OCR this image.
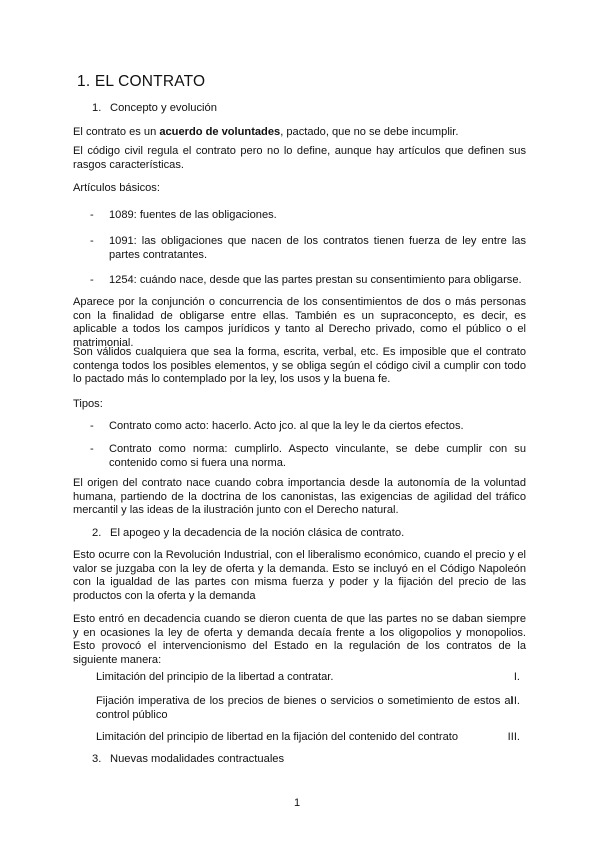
1. EL CONTRATO
1. Concepto y evolución
El contrato es un acuerdo de voluntades, pactado, que no se debe incumplir.
El código civil regula el contrato pero no lo define, aunque hay artículos que definen sus rasgos características.
Artículos básicos:
- 1089: fuentes de las obligaciones.
- 1091: las obligaciones que nacen de los contratos tienen fuerza de ley entre las partes contratantes.
- 1254: cuándo nace, desde que las partes prestan su consentimiento para obligarse.
Aparece por la conjunción o concurrencia de los consentimientos de dos o más personas con la finalidad de obligarse entre ellas. También es un supraconcepto, es decir, es aplicable a todos los campos jurídicos y tanto al Derecho privado, como el público o el matrimonial.
Son válidos cualquiera que sea la forma, escrita, verbal, etc. Es imposible que el contrato contenga todos los posibles elementos, y se obliga según el código civil a cumplir con todo lo pactado más lo contemplado por la ley, los usos y la buena fe.
Tipos:
- Contrato como acto: hacerlo. Acto jco. al que la ley le da ciertos efectos.
- Contrato como norma: cumplirlo. Aspecto vinculante, se debe cumplir con su contenido como si fuera una norma.
El origen del contrato nace cuando cobra importancia desde la autonomía de la voluntad humana, partiendo de la doctrina de los canonistas, las exigencias de agilidad del tráfico mercantil y las ideas de la ilustración junto con el Derecho natural.
2. El apogeo y la decadencia de la noción clásica de contrato.
Esto ocurre con la Revolución Industrial, con el liberalismo económico, cuando el precio y el valor se juzgaba con la ley de oferta y la demanda. Esto se incluyó en el Código Napoleón con la igualdad de las partes con misma fuerza y poder y la fijación del precio de las productos con la oferta y la demanda
Esto entró en decadencia cuando se dieron cuenta de que las partes no se daban siempre y en ocasiones la ley de oferta y demanda decaía frente a los oligopolios y monopolios. Esto provocó el intervencionismo del Estado en la regulación de los contratos de la siguiente manera:
I.
Limitación del principio de la libertad a contratar.
II.
Fijación imperativa de los precios de bienes o servicios o sometimiento de estos al control público
III.
Limitación del principio de libertad en la fijación del contenido del contrato
3. Nuevas modalidades contractuales
1
